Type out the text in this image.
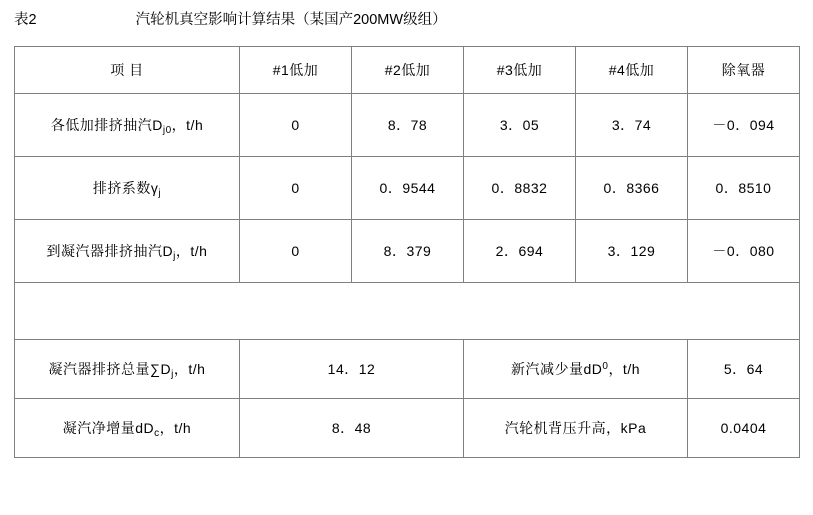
表2	汽轮机真空影响计算结果（某国产200MW级组）
项 目	#1低加	#2低加	#3低加	#4低加	除氧器
各低加排挤抽汽$D_{j0}$，t/h	0	8．78	3．05	3．74	－0．094
排挤系数$\gamma_j$	0	0．9544	0．8832	0．8366	0．8510
到凝汽器排挤抽汽$D_j$，t/h	0	8．379	2．694	3．129	－0．080

凝汽器排挤总量$\sum D_j$，t/h	14．12		新汽减少量$dD^0$，t/h		5．64
凝汽净增量$dD_c$，t/h	8．48		汽轮机背压升高，kPa		0.0404
